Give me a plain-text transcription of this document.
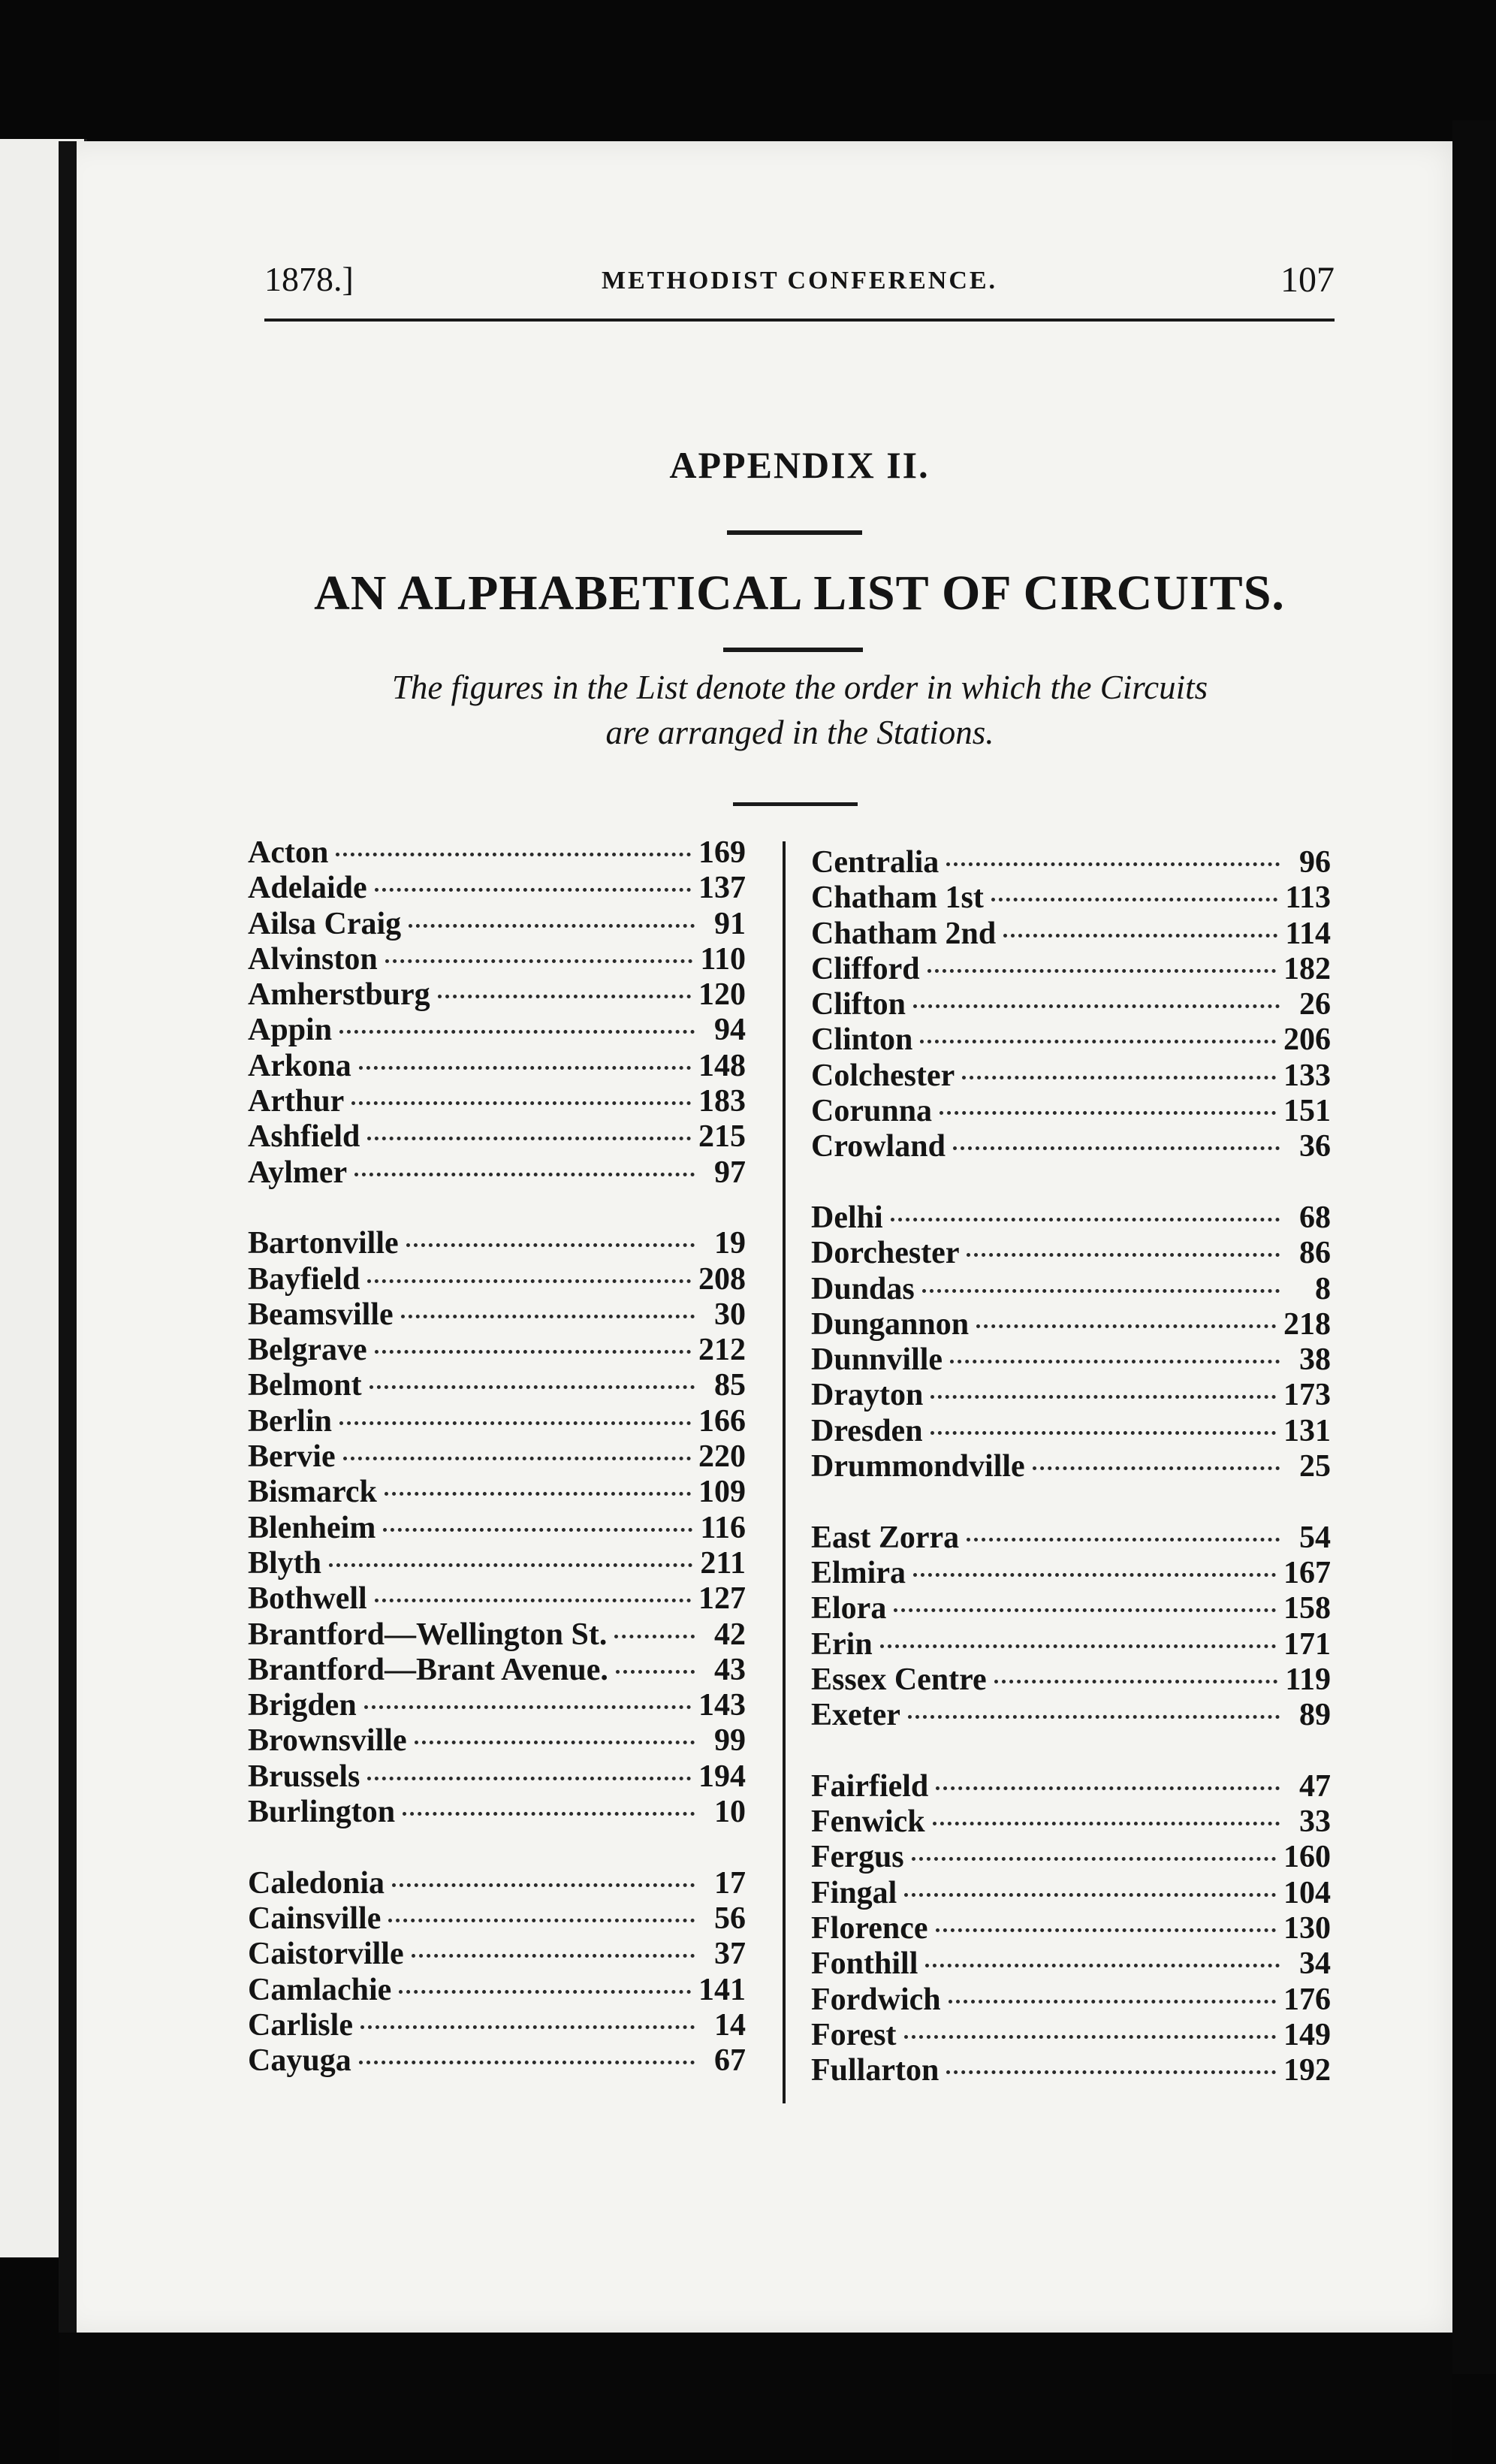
1878.]	METHODIST CONFERENCE.	107
APPENDIX II.
AN ALPHABETICAL LIST OF CIRCUITS.
The figures in the List denote the order in which the Circuits
are arranged in the Stations.
Acton	169
Adelaide	137
Ailsa Craig	91
Alvinston	110
Amherstburg	120
Appin	94
Arkona	148
Arthur	183
Ashfield	215
Aylmer	97
Bartonville	19
Bayfield	208
Beamsville	30
Belgrave	212
Belmont	85
Berlin	166
Bervie	220
Bismarck	109
Blenheim	116
Blyth	211
Bothwell	127
Brantford—Wellington St.	42
Brantford—Brant Avenue.	43
Brigden	143
Brownsville	99
Brussels	194
Burlington	10
Caledonia	17
Cainsville	56
Caistorville	37
Camlachie	141
Carlisle	14
Cayuga	67
Centralia	96
Chatham 1st	113
Chatham 2nd	114
Clifford	182
Clifton	26
Clinton	206
Colchester	133
Corunna	151
Crowland	36
Delhi	68
Dorchester	86
Dundas	8
Dungannon	218
Dunnville	38
Drayton	173
Dresden	131
Drummondville	25
East Zorra	54
Elmira	167
Elora	158
Erin	171
Essex Centre	119
Exeter	89
Fairfield	47
Fenwick	33
Fergus	160
Fingal	104
Florence	130
Fonthill	34
Fordwich	176
Forest	149
Fullarton	192
